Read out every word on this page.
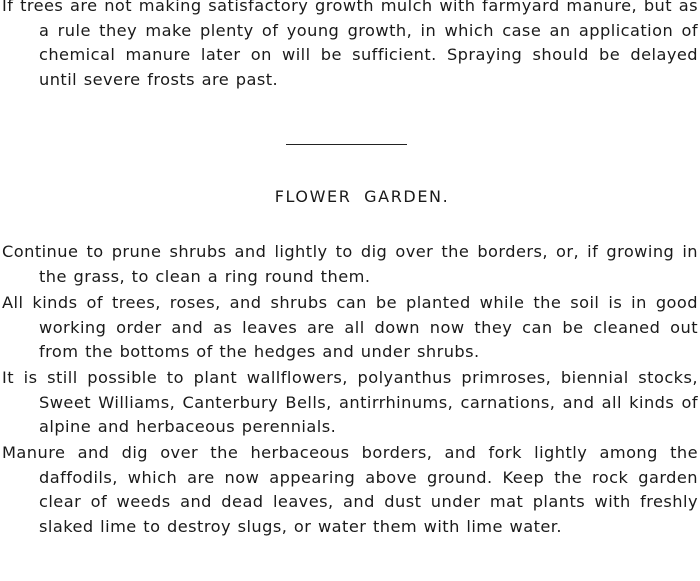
If trees are not making satisfactory growth mulch with farmyard manure, but as a rule they make plenty of young growth, in which case an application of chemical manure later on will be sufficient. Spraying should be delayed until severe frosts are past.

FLOWER GARDEN.

Continue to prune shrubs and lightly to dig over the borders, or, if growing in the grass, to clean a ring round them.

All kinds of trees, roses, and shrubs can be planted while the soil is in good working order and as leaves are all down now they can be cleaned out from the bottoms of the hedges and under shrubs.

It is still possible to plant wallflowers, polyanthus primroses, biennial stocks, Sweet Williams, Canterbury Bells, antirrhinums, carnations, and all kinds of alpine and herbaceous perennials.

Manure and dig over the herbaceous borders, and fork lightly among the daffodils, which are now appearing above ground. Keep the rock garden clear of weeds and dead leaves, and dust under mat plants with freshly slaked lime to destroy slugs, or water them with lime water.
